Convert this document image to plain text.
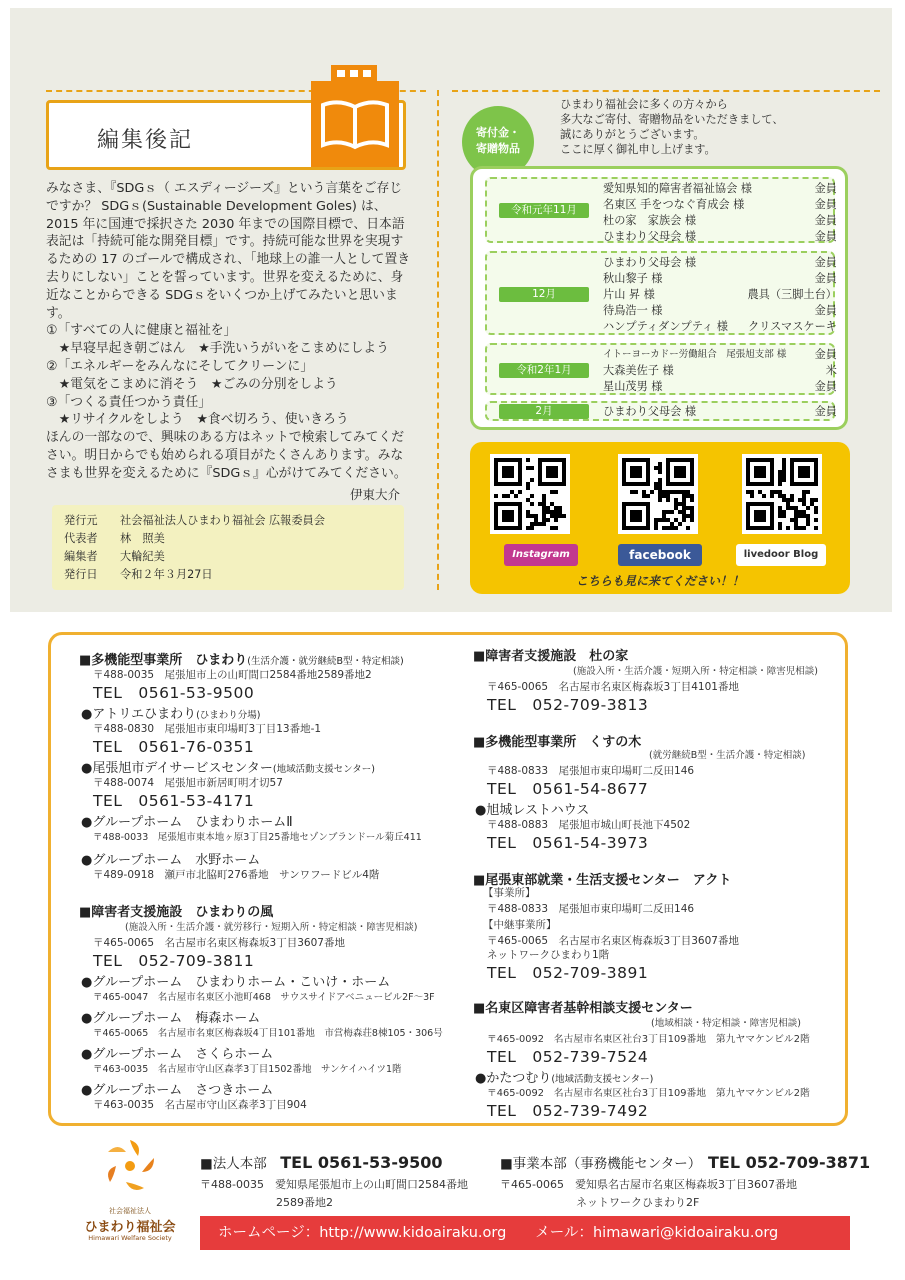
編集後記
みなさま、『SDGｓ（ エスディージーズ』という言葉をご存じですか？ SDGｓ(Sustainable Development Goles) は、2015 年に国連で採択さた 2030 年までの国際目標で、日本語表記は「持続可能な開発目標」です。持続可能な世界を実現するための 17 のゴールで構成され、「地球上の誰一人として置き去りにしない」ことを誓っています。世界を変えるために、身近なことからできる SDGｓをいくつか上げてみたいと思います。
①「すべての人に健康と福祉を」
　★早寝早起き朝ごはん　★手洗いうがいをこまめにしよう
②「エネルギーをみんなにそしてクリーンに」
　★電気をこまめに消そう　★ごみの分別をしよう
③「つくる責任つかう責任」
　★リサイクルをしよう　★食べ切ろう、使いきろう
ほんの一部なので、興味のある方はネットで検索してみてください。明日からでも始められる項目がたくさんあります。みなさまも世界を変えるために『SDGｓ』心がけてみてください。
伊東大介
発行元	社会福祉法人ひまわり福祉会 広報委員会
代表者	林　照美
編集者	大輪紀美
発行日	令和２年３月27日
寄付金・
寄贈物品
ひまわり福祉会に多くの方々から
多大なご寄付、寄贈物品をいただきまして、
誠にありがとうございます。
ここに厚く御礼申し上げます。
令和元年11月
愛知県知的障害者福祉協会 様	金員
名東区 手をつなぐ育成会 様	金員
杜の家　家族会 様	金員
ひまわり父母会 様	金員
12月
ひまわり父母会 様	金員
秋山黎子 様	金員
片山 昇 様	農具（三脚土台）
待鳥浩一 様	金員
ハンプティダンプティ 様 クリスマスケーキ
令和2年1月
イトーヨーカドー労働組合　尾張旭支部 様	金員
大森美佐子 様	米
星山茂男 様	金員
2月	ひまわり父母会 様	金員
Instagram	facebook	livedoor Blog
こちらも見に来てください！！
■多機能型事業所　ひまわり(生活介護・就労継続B型・特定相談)
〒488-0035　尾張旭市上の山町間口2584番地2589番地2
TEL　0561-53-9500
●アトリエひまわり(ひまわり分場)
〒488-0830　尾張旭市東印場町3丁目13番地-1
TEL　0561-76-0351
●尾張旭市デイサービスセンター(地域活動支援センター)
〒488-0074　尾張旭市新居町明才切57
TEL　0561-53-4171
●グループホーム　ひまわりホームⅡ
〒488-0033　尾張旭市東本地ヶ原3丁目25番地セゾンブランドール菊丘411
●グループホーム　水野ホーム
〒489-0918　瀬戸市北脇町276番地　サンワフードビル4階
■障害者支援施設　ひまわりの風
(施設入所・生活介護・就労移行・短期入所・特定相談・障害児相談)
〒465-0065　名古屋市名東区梅森坂3丁目3607番地
TEL　052-709-3811
●グループホーム　ひまわりホーム・こいけ・ホーム
〒465-0047　名古屋市名東区小池町468　サウスサイドアベニュービル2F～3F
●グループホーム　梅森ホーム
〒465-0065　名古屋市名東区梅森坂4丁目101番地　市営梅森荘8棟105・306号
●グループホーム　さくらホーム
〒463-0035　名古屋市守山区森孝3丁目1502番地　サンケイハイツ1階
●グループホーム　さつきホーム
〒463-0035　名古屋市守山区森孝3丁目904
■障害者支援施設　杜の家
(施設入所・生活介護・短期入所・特定相談・障害児相談)
〒465-0065　名古屋市名東区梅森坂3丁目4101番地
TEL　052-709-3813
■多機能型事業所　くすの木
(就労継続B型・生活介護・特定相談)
〒488-0833　尾張旭市東印場町二反田146
TEL　0561-54-8677
●旭城レストハウス
〒488-0883　尾張旭市城山町長池下4502
TEL　0561-54-3973
■尾張東部就業・生活支援センター　アクト
【事業所】
〒488-0833　尾張旭市東印場町二反田146
【中継事業所】
〒465-0065　名古屋市名東区梅森坂3丁目3607番地
ネットワークひまわり1階
TEL　052-709-3891
■名東区障害者基幹相談支援センター
(地域相談・特定相談・障害児相談)
〒465-0092　名古屋市名東区社台3丁目109番地　第九ヤマケンビル2階
TEL　052-739-7524
●かたつむり(地域活動支援センター)
〒465-0092　名古屋市名東区社台3丁目109番地　第九ヤマケンビル2階
TEL　052-739-7492
社会福祉法人
ひまわり福祉会
Himawari Welfare Society
■法人本部　 TEL 0561-53-9500
〒488-0035　愛知県尾張旭市上の山町間口2584番地
2589番地2
■事業本部（事務機能センター）　 TEL 052-709-3871
〒465-0065　愛知県名古屋市名東区梅森坂3丁目3607番地
ネットワークひまわり2F
ホームページ：http://www.kidoairaku.org　　メール：himawari@kidoairaku.org
